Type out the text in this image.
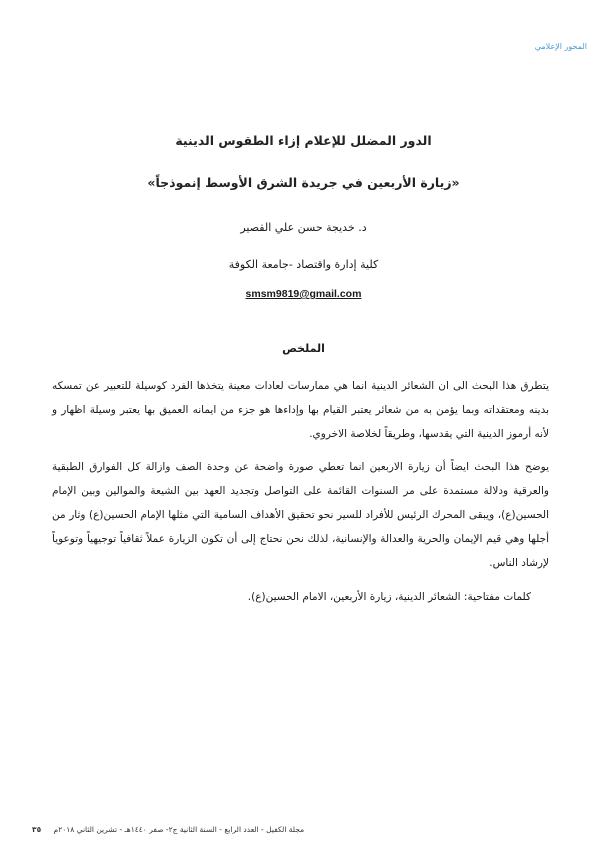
المحور الإعلامي
الدور المضلل للإعلام إزاء الطقوس الدينية
«زيارة الأربعين في جريدة الشرق الأوسط إنموذجاً»
د. خديجة حسن علي القصير
كلية إدارة واقتصاد -جامعة الكوفة
smsm9819@gmail.com
الملخص

يتطرق هذا البحث الى ان الشعائر الدينية انما هي ممارسات لعادات معينة يتخذها الفرد كوسيلة للتعبير عن تمسكه بدينه ومعتقداته وبما يؤمن به من شعائر يعتبر القيام بها وإداءها هو جزء من ايمانه العميق بها يعتبر وسيلة اظهار و لأنه أرموز الدينية التي يقدسها، وطريقاً لخلاصة الاخروي.

يوضح هذا البحث ايضاً أن زيارة الاربعين انما تعطي صورة واضحة عن وحدة الصف وازالة كل الفوارق الطبقية والعرقية ودلالة مستمدة على مر السنوات القائمة على التواصل وتجديد العهد بين الشيعة والموالين وبين الإمام الحسين(ع)، ويبقى المحرك الرئيس للأفراد للسير نحو تحقيق الأهداف السامية التي مثلها الإمام الحسين(ع) وثار من أجلها وهي قيم الإيمان والحرية والعدالة والإنسانية، لذلك نحن نحتاج إلى أن تكون الزيارة عملاً ثقافياً توجيهياً وتوعوياً لإرشاد الناس.

كلمات مفتاحية: الشعائر الدينية، زيارة الأربعين، الامام الحسين(ع).

٣٥ مجلة الكفيل - العدد الرابع - السنة الثانية ج٢- صفر ١٤٤٠هـ - تشرين الثاني ٢٠١٨م
